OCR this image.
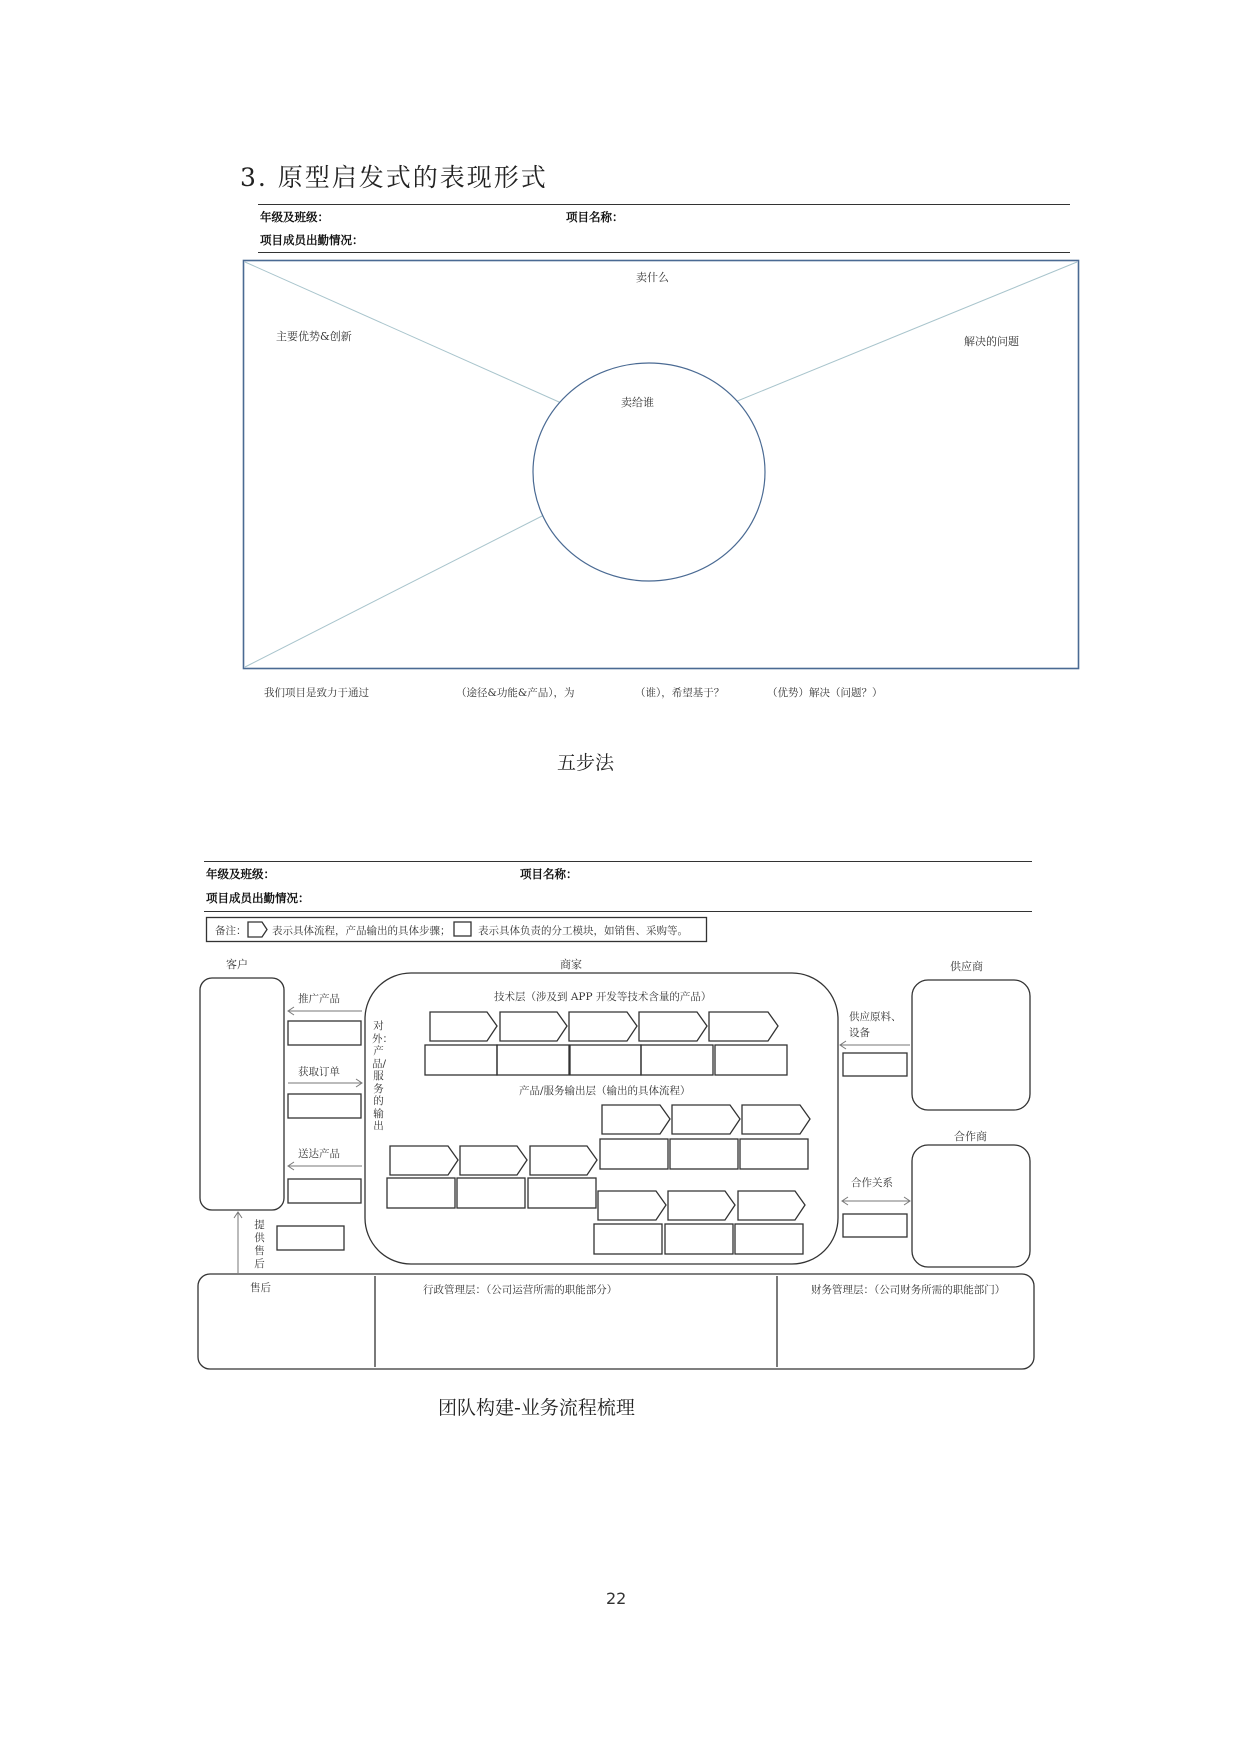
3. 原型启发式的表现形式
年级及班级：	项目名称：
项目成员出勤情况：
卖什么
主要优势&创新	解决的问题
卖给谁
我们项目是致力于通过	（途径&功能&产品），为	（谁），希望基于？	（优势）解决（问题？）
五步法
年级及班级：	项目名称：
项目成员出勤情况：
备注： 表示具体流程，产品输出的具体步骤；	表示具体负责的分工模块，如销售、采购等。
客户	商家	供应商
合作商
推广产品
获取订单
送达产品
提供售后
对外：产品/服务的输出
技术层（涉及到 APP 开发等技术含量的产品）
产品/服务输出层（输出的具体流程）
供应原料、
设备
合作关系
售后	行政管理层：（公司运营所需的职能部分）	财务管理层：（公司财务所需的职能部门）
团队构建-业务流程梳理
22
